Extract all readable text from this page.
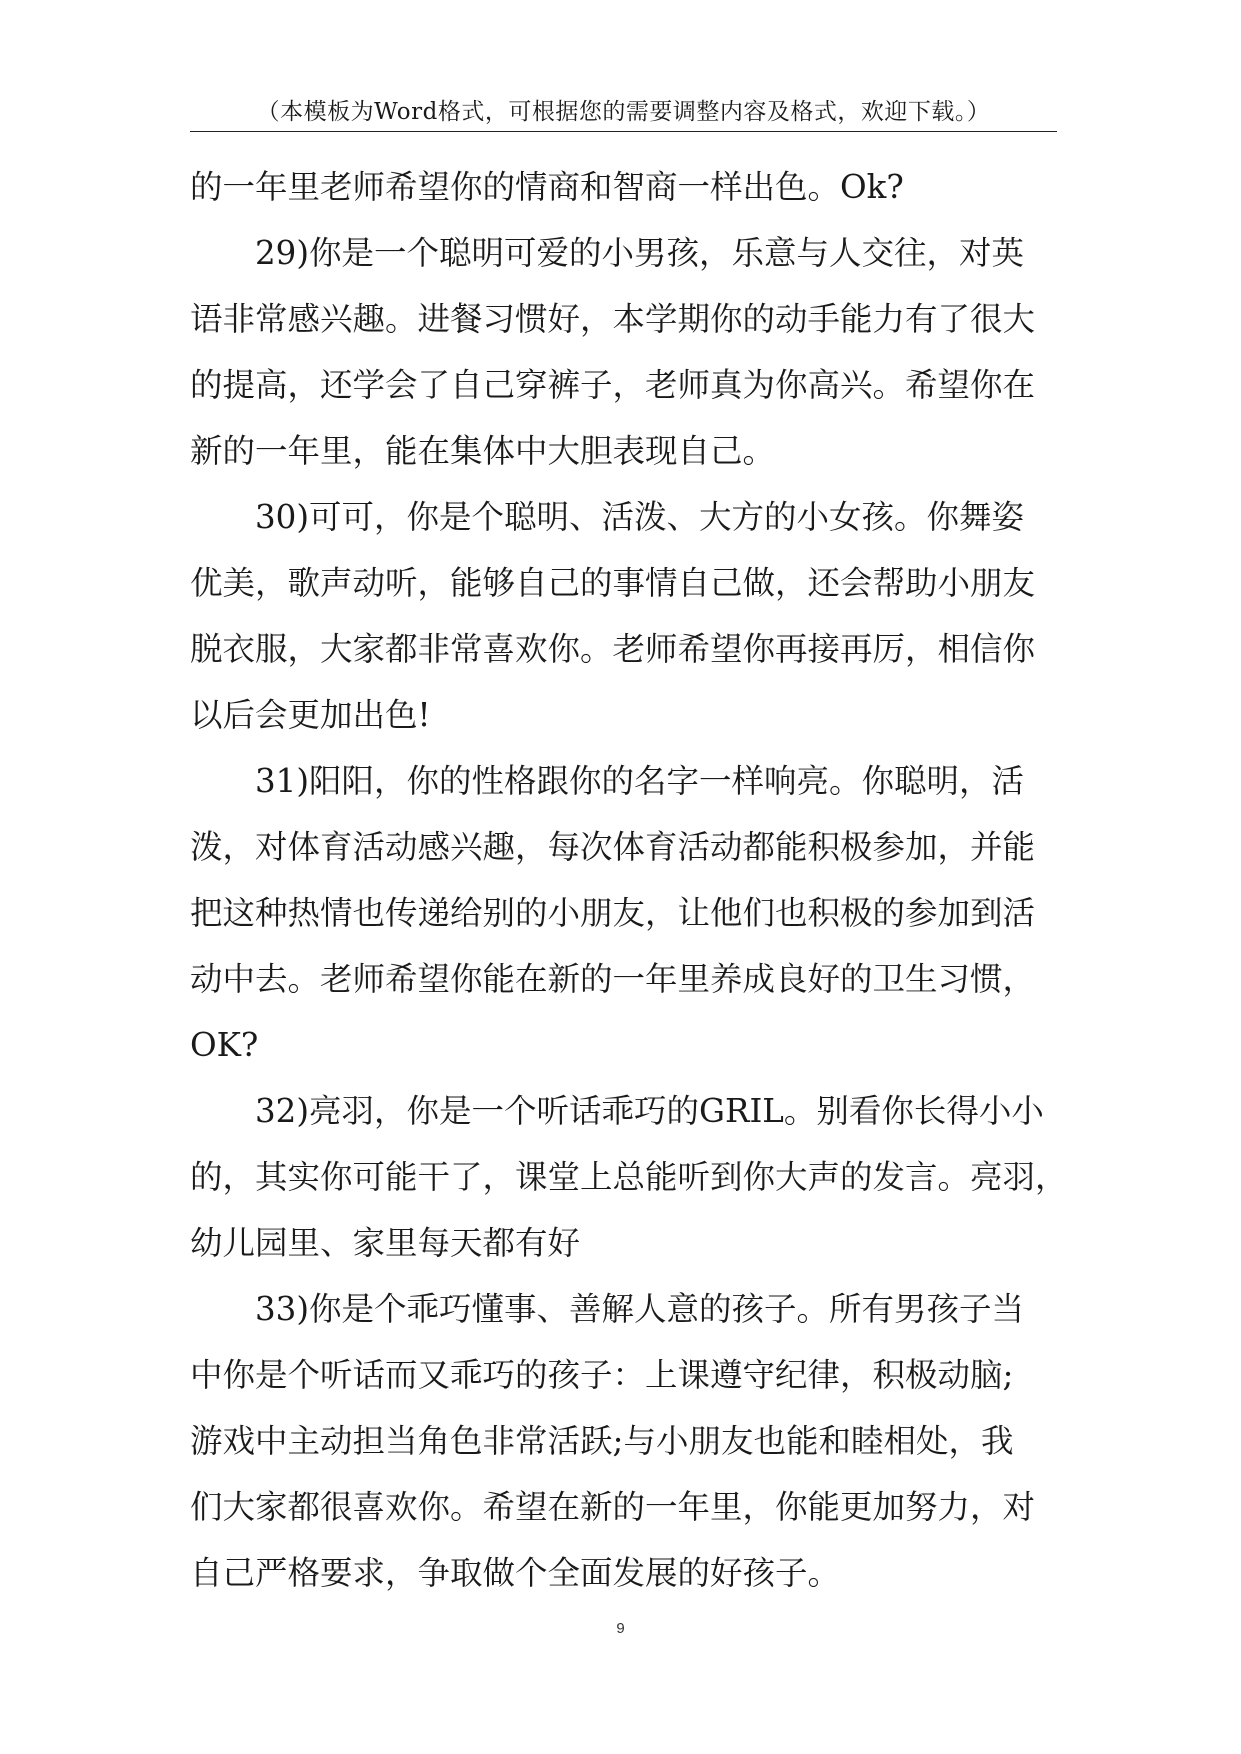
（本模板为Word格式，可根据您的需要调整内容及格式，欢迎下载。）
的一年里老师希望你的情商和智商一样出色。Ok?
29)你是一个聪明可爱的小男孩，乐意与人交往，对英
语非常感兴趣。进餐习惯好，本学期你的动手能力有了很大
的提高，还学会了自己穿裤子，老师真为你高兴。希望你在
新的一年里，能在集体中大胆表现自己。
30)可可，你是个聪明、活泼、大方的小女孩。你舞姿
优美，歌声动听，能够自己的事情自己做，还会帮助小朋友
脱衣服，大家都非常喜欢你。老师希望你再接再厉，相信你
以后会更加出色!
31)阳阳，你的性格跟你的名字一样响亮。你聪明，活
泼，对体育活动感兴趣，每次体育活动都能积极参加，并能
把这种热情也传递给别的小朋友，让他们也积极的参加到活
动中去。老师希望你能在新的一年里养成良好的卫生习惯，
OK?
32)亮羽，你是一个听话乖巧的GRIL。别看你长得小小
的，其实你可能干了，课堂上总能听到你大声的发言。亮羽，
幼儿园里、家里每天都有好
33)你是个乖巧懂事、善解人意的孩子。所有男孩子当
中你是个听话而又乖巧的孩子：上课遵守纪律，积极动脑;
游戏中主动担当角色非常活跃;与小朋友也能和睦相处，我
们大家都很喜欢你。希望在新的一年里，你能更加努力，对
自己严格要求，争取做个全面发展的好孩子。
9
